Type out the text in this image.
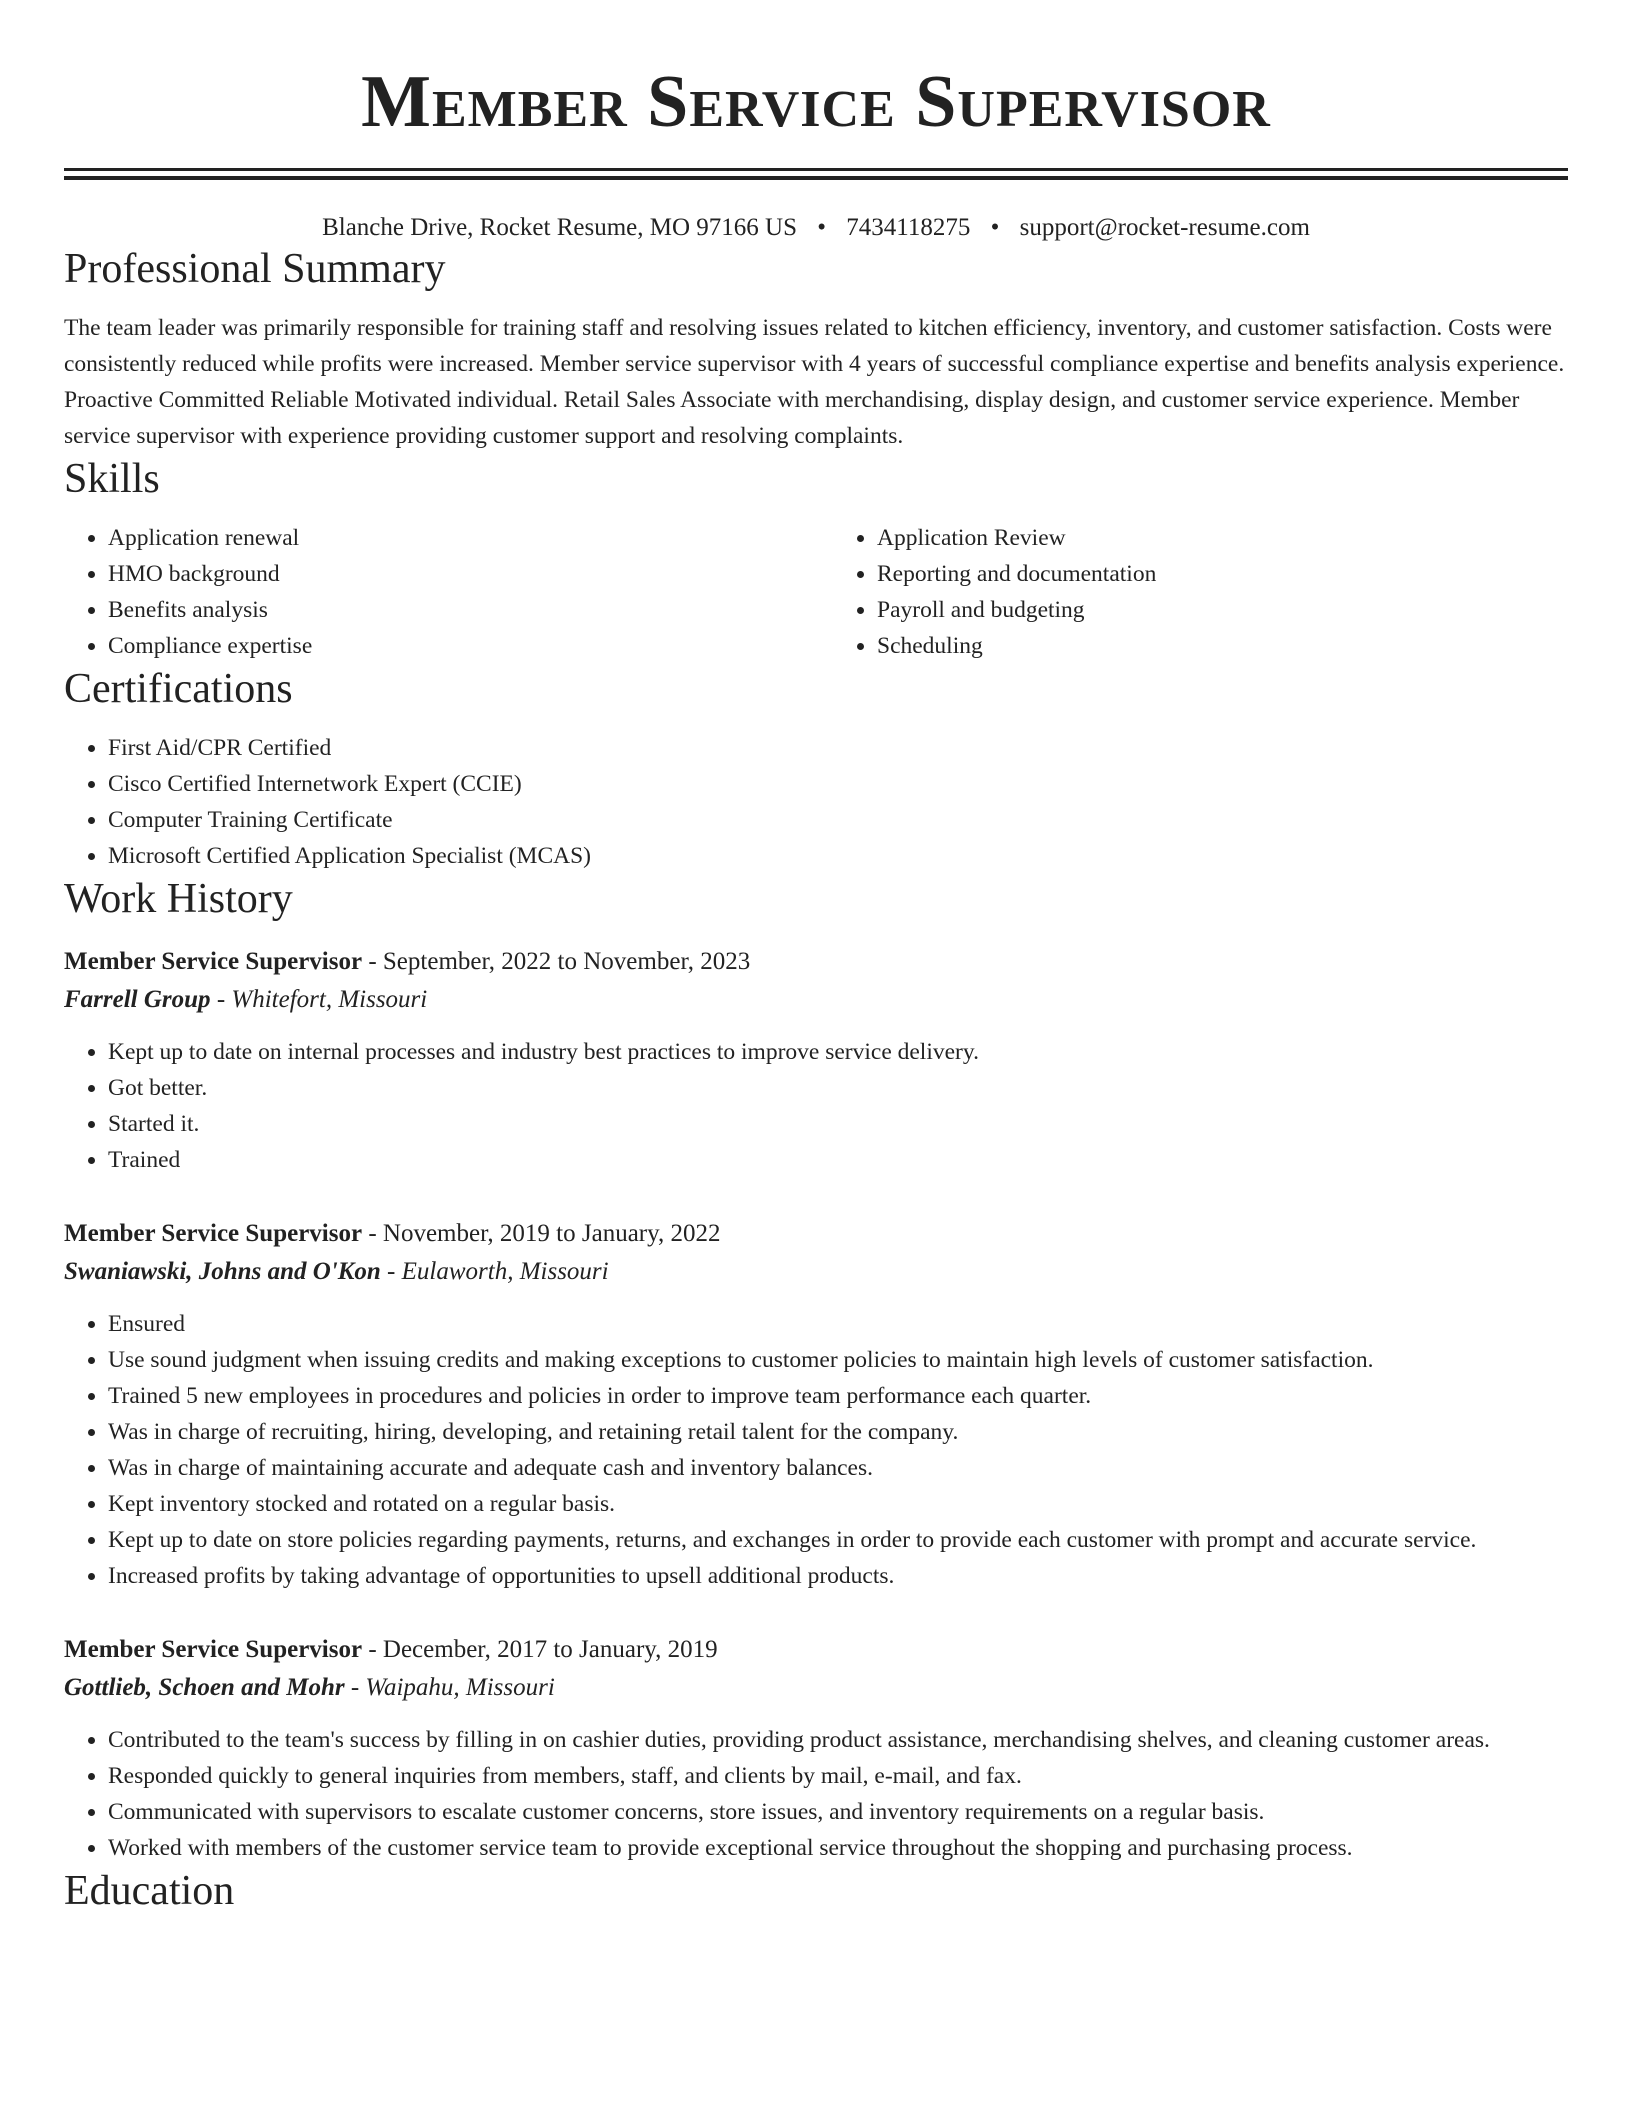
Member Service Supervisor
Blanche Drive, Rocket Resume, MO 97166 US • 7434118275 • support@rocket-resume.com
Professional Summary
The team leader was primarily responsible for training staff and resolving issues related to kitchen efficiency, inventory, and customer satisfaction. Costs were consistently reduced while profits were increased. Member service supervisor with 4 years of successful compliance expertise and benefits analysis experience. Proactive Committed Reliable Motivated individual. Retail Sales Associate with merchandising, display design, and customer service experience. Member service supervisor with experience providing customer support and resolving complaints.
Skills
• Application renewal
• HMO background
• Benefits analysis
• Compliance expertise
• Application Review
• Reporting and documentation
• Payroll and budgeting
• Scheduling
Certifications
• First Aid/CPR Certified
• Cisco Certified Internetwork Expert (CCIE)
• Computer Training Certificate
• Microsoft Certified Application Specialist (MCAS)
Work History
Member Service Supervisor - September, 2022 to November, 2023
Farrell Group - Whitefort, Missouri
• Kept up to date on internal processes and industry best practices to improve service delivery.
• Got better.
• Started it.
• Trained
Member Service Supervisor - November, 2019 to January, 2022
Swaniawski, Johns and O'Kon - Eulaworth, Missouri
• Ensured
• Use sound judgment when issuing credits and making exceptions to customer policies to maintain high levels of customer satisfaction.
• Trained 5 new employees in procedures and policies in order to improve team performance each quarter.
• Was in charge of recruiting, hiring, developing, and retaining retail talent for the company.
• Was in charge of maintaining accurate and adequate cash and inventory balances.
• Kept inventory stocked and rotated on a regular basis.
• Kept up to date on store policies regarding payments, returns, and exchanges in order to provide each customer with prompt and accurate service.
• Increased profits by taking advantage of opportunities to upsell additional products.
Member Service Supervisor - December, 2017 to January, 2019
Gottlieb, Schoen and Mohr - Waipahu, Missouri
• Contributed to the team's success by filling in on cashier duties, providing product assistance, merchandising shelves, and cleaning customer areas.
• Responded quickly to general inquiries from members, staff, and clients by mail, e-mail, and fax.
• Communicated with supervisors to escalate customer concerns, store issues, and inventory requirements on a regular basis.
• Worked with members of the customer service team to provide exceptional service throughout the shopping and purchasing process.
Education
